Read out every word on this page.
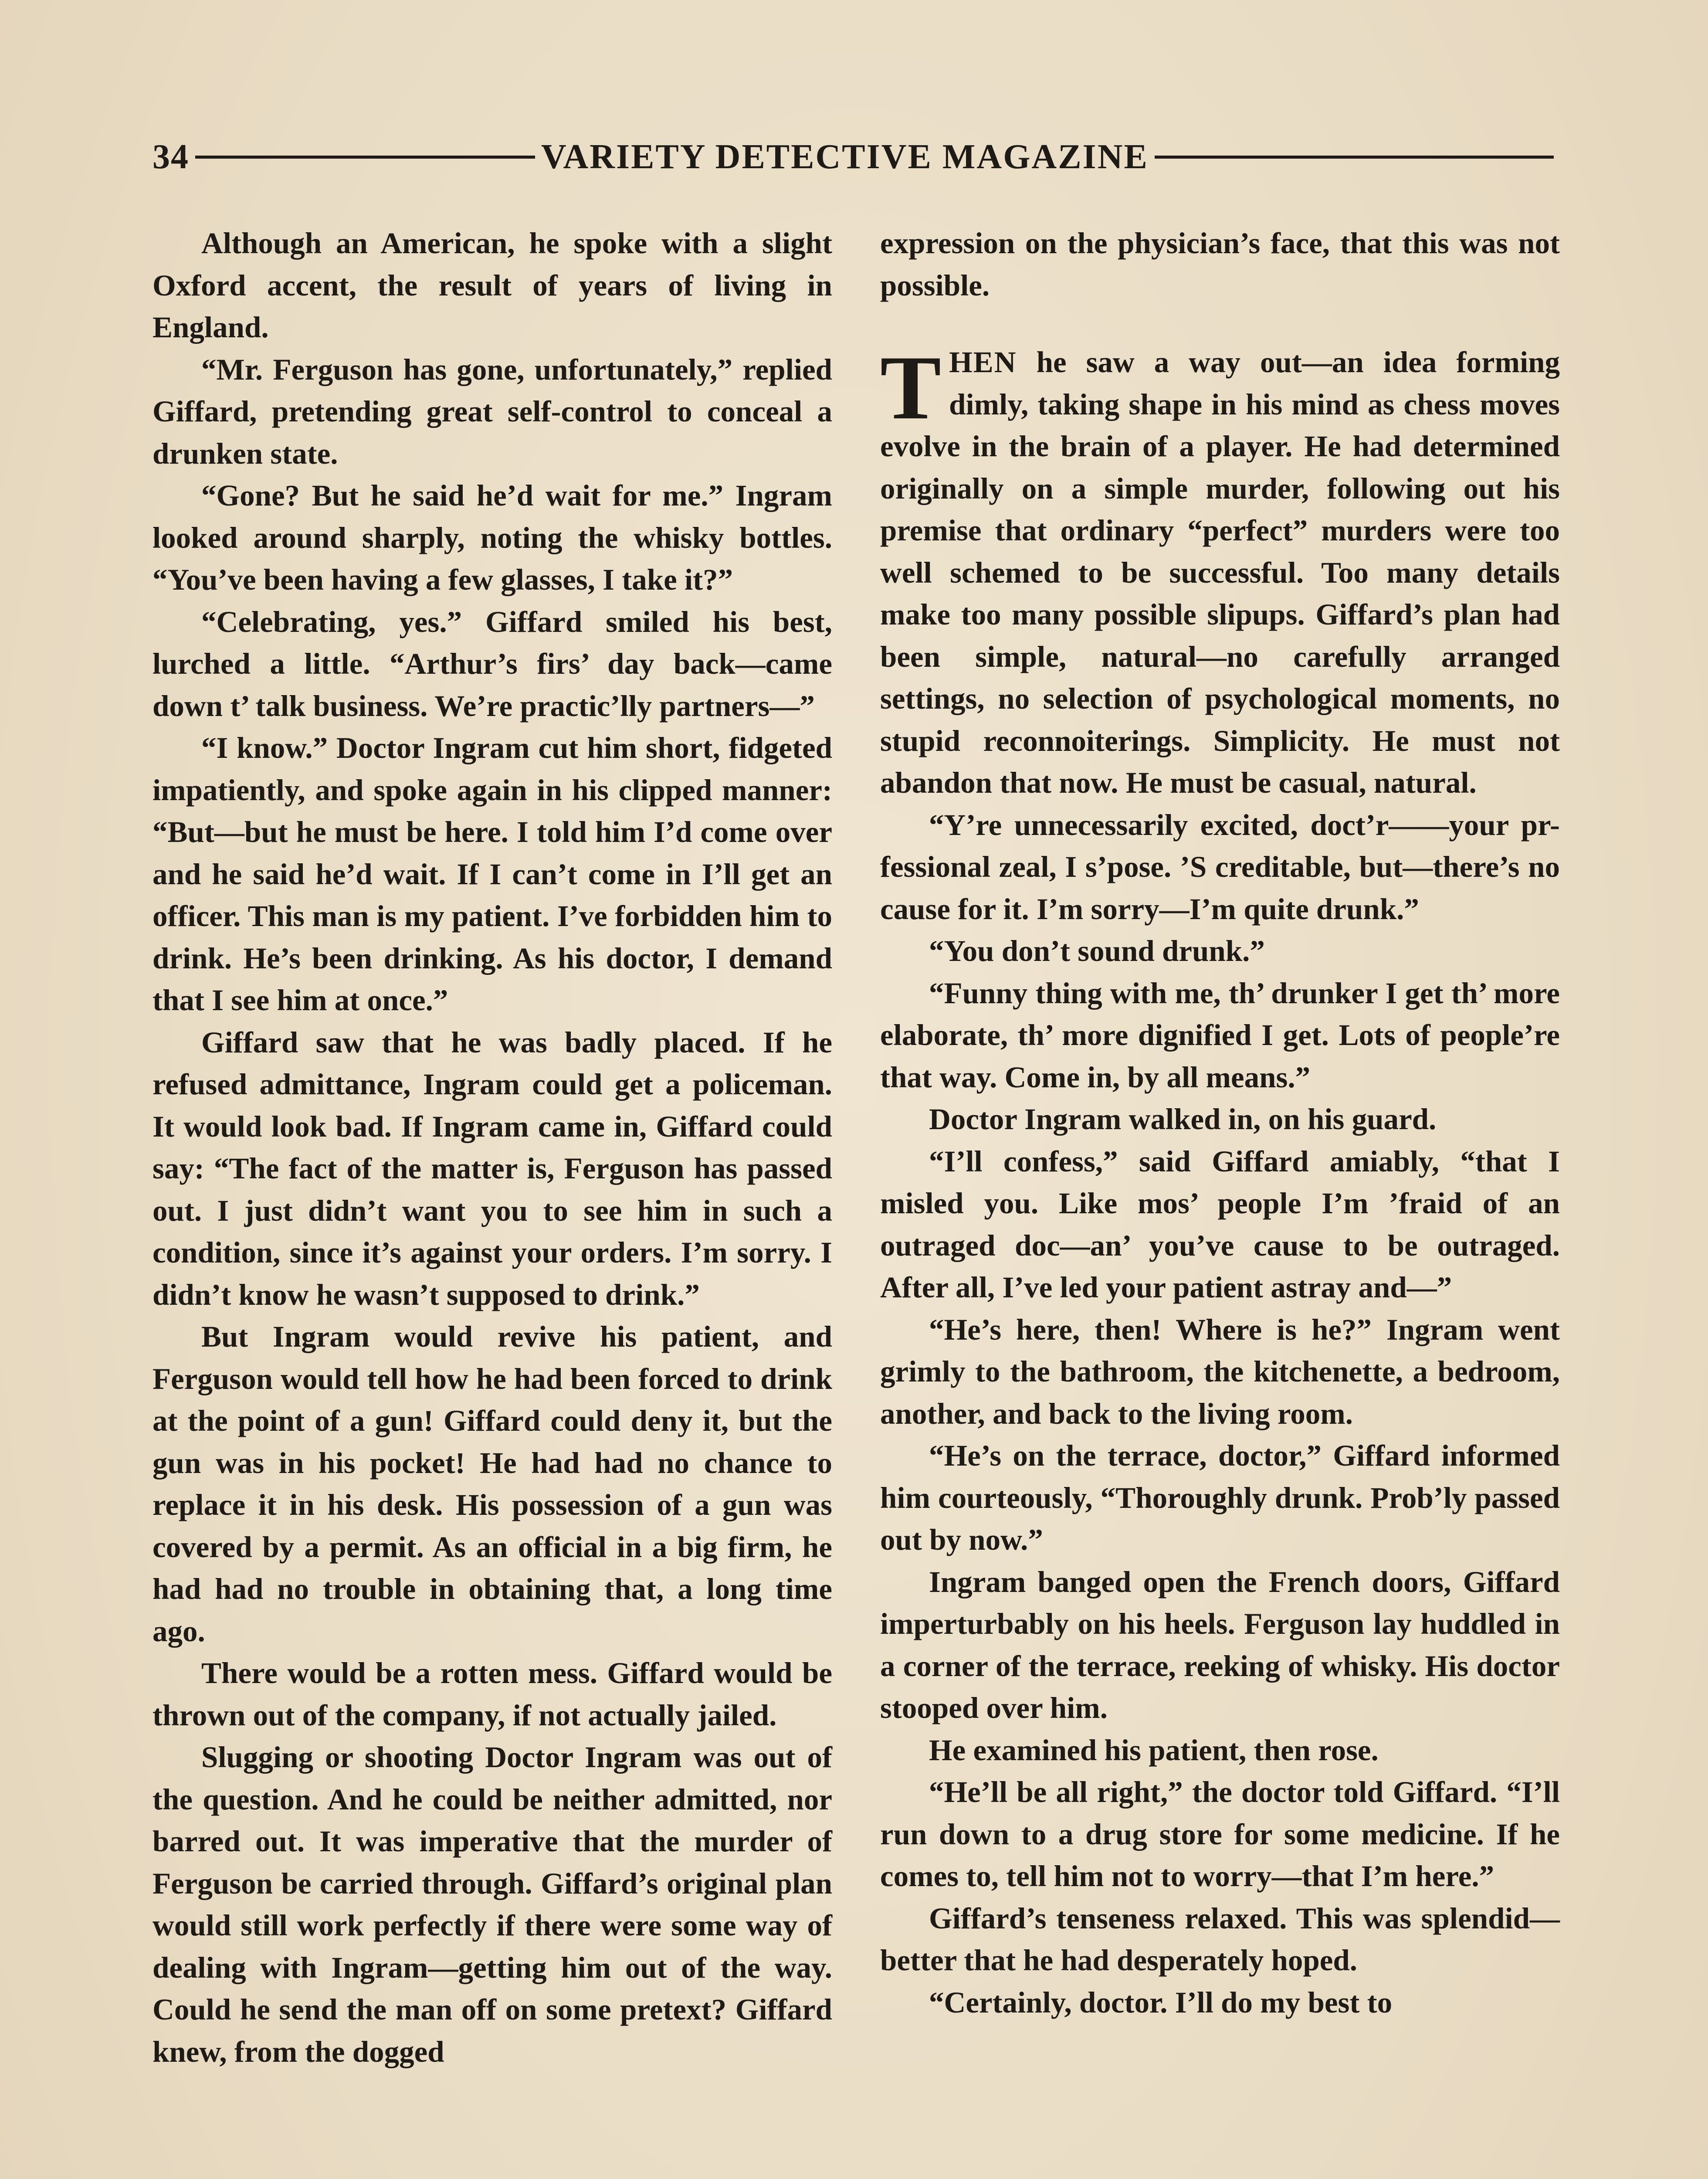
34	VARIETY DETECTIVE MAGAZINE

Although an American, he spoke with a slight Oxford accent, the result of years of living in England.

“Mr. Ferguson has gone, unfortunately,” replied Giffard, pretending great self-control to conceal a drunken state.

“Gone? But he said he’d wait for me.” Ingram looked around sharply, noting the whisky bottles. “You’ve been having a few glasses, I take it?”

“Celebrating, yes.” Giffard smiled his best, lurched a little. “Arthur’s firs’ day back—came down t’ talk business. We’re practic’lly partners—”

“I know.” Doctor Ingram cut him short, fidgeted impatiently, and spoke again in his clipped manner: “But—but he must be here. I told him I’d come over and he said he’d wait. If I can’t come in I’ll get an officer. This man is my patient. I’ve forbidden him to drink. He’s been drinking. As his doctor, I demand that I see him at once.”

Giffard saw that he was badly placed. If he refused admittance, Ingram could get a policeman. It would look bad. If Ingram came in, Giffard could say: “The fact of the matter is, Ferguson has passed out. I just didn’t want you to see him in such a condition, since it’s against your orders. I’m sorry. I didn’t know he wasn’t supposed to drink.”

But Ingram would revive his patient, and Ferguson would tell how he had been forced to drink at the point of a gun! Giffard could deny it, but the gun was in his pocket! He had had no chance to replace it in his desk. His possession of a gun was covered by a permit. As an official in a big firm, he had had no trouble in obtaining that, a long time ago.

There would be a rotten mess. Giffard would be thrown out of the company, if not actually jailed.

Slugging or shooting Doctor Ingram was out of the question. And he could be neither admitted, nor barred out. It was imperative that the murder of Ferguson be carried through. Giffard’s original plan would still work perfectly if there were some way of dealing with Ingram—getting him out of the way. Could he send the man off on some pretext? Giffard knew, from the dogged

expression on the physician’s face, that this was not possible.

THEN he saw a way out—an idea forming dimly, taking shape in his mind as chess moves evolve in the brain of a player. He had determined originally on a simple murder, following out his premise that ordinary “perfect” murders were too well schemed to be successful. Too many details make too many possible slipups. Giffard’s plan had been simple, natural—no carefully arranged settings, no selection of psychological moments, no stupid reconnoiterings. Simplicity. He must not abandon that now. He must be casual, natural.

“Y’re unnecessarily excited, doct’r——your pr-fessional zeal, I s’pose. ’S creditable, but—there’s no cause for it. I’m sorry—I’m quite drunk.”

“You don’t sound drunk.”

“Funny thing with me, th’ drunker I get th’ more elaborate, th’ more dignified I get. Lots of people’re that way. Come in, by all means.”

Doctor Ingram walked in, on his guard.

“I’ll confess,” said Giffard amiably, “that I misled you. Like mos’ people I’m ’fraid of an outraged doc—an’ you’ve cause to be outraged. After all, I’ve led your patient astray and—”

“He’s here, then! Where is he?” Ingram went grimly to the bathroom, the kitchenette, a bedroom, another, and back to the living room.

“He’s on the terrace, doctor,” Giffard informed him courteously, “Thoroughly drunk. Prob’ly passed out by now.”

Ingram banged open the French doors, Giffard imperturbably on his heels. Ferguson lay huddled in a corner of the terrace, reeking of whisky. His doctor stooped over him.

He examined his patient, then rose.

“He’ll be all right,” the doctor told Giffard. “I’ll run down to a drug store for some medicine. If he comes to, tell him not to worry—that I’m here.”

Giffard’s tenseness relaxed. This was splendid—better that he had desperately hoped.

“Certainly, doctor. I’ll do my best to
